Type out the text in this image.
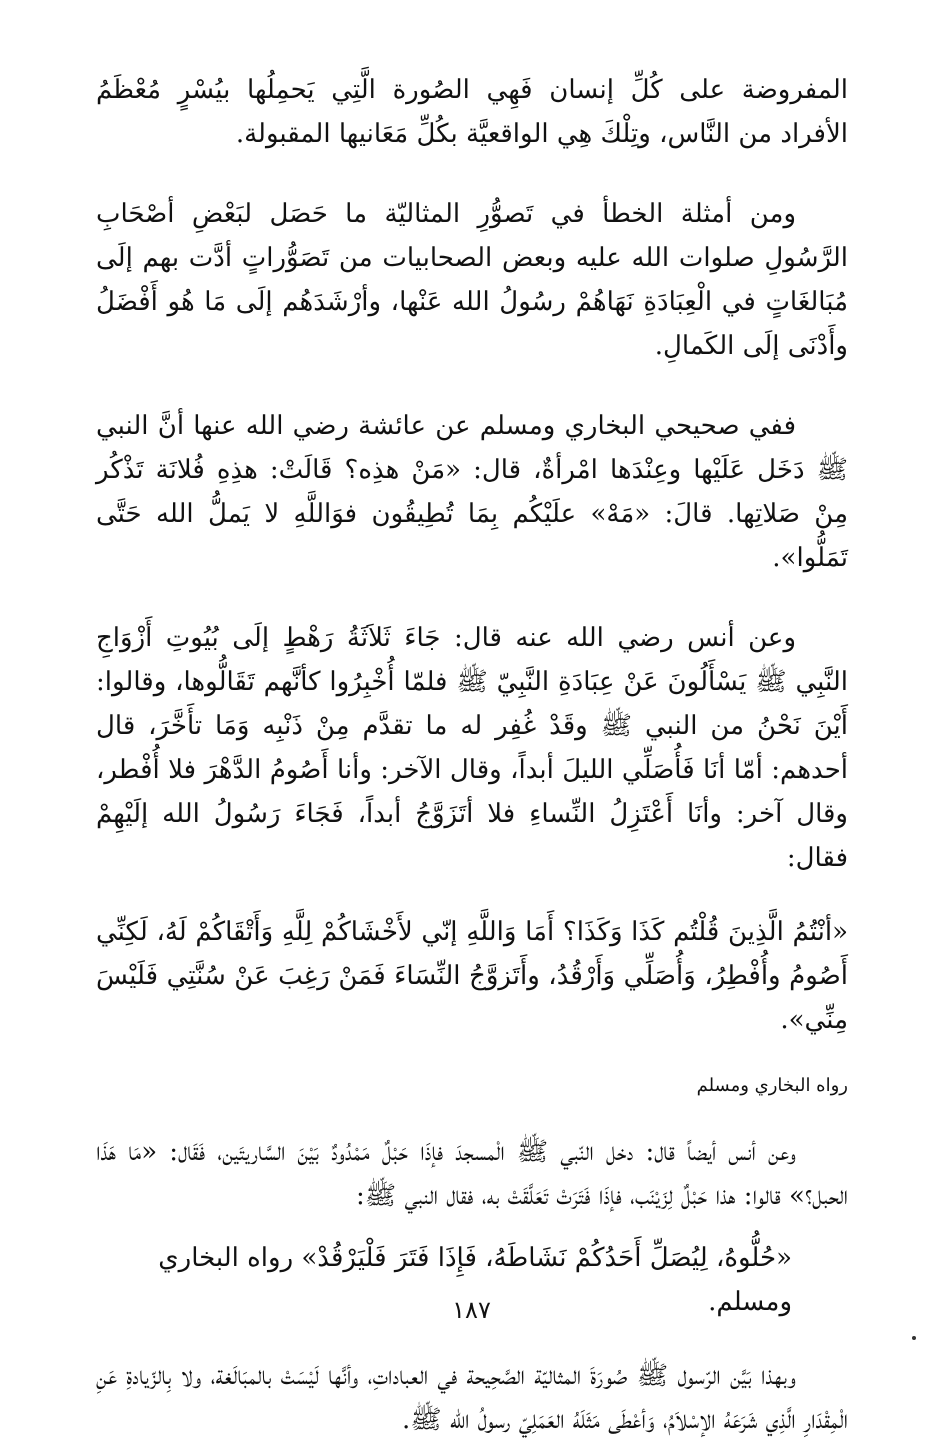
المفروضة على كُلِّ إنسان فَهِي الصُورة الَّتِي يَحمِلُها بيُسْرٍ مُعْظَمُ الأفراد من النَّاس، وتِلْكَ هِي الواقعيَّة بكُلِّ مَعَانيها المقبولة.

ومن أمثلة الخطأ في تَصوُّرِ المثاليّة ما حَصَل لبَعْضِ أصْحَابِ الرَّسُولِ صلوات الله عليه وبعض الصحابيات من تَصَوُّراتٍ أدَّت بهم إلَى مُبَالغَاتٍ في الْعِبَادَةِ نَهَاهُمْ رسُولُ الله عَنْها، وأرْشَدَهُم إلَى مَا هُو أَفْضَلُ وأَدْنَى إلَى الكَمالِ.

ففي صحيحي البخاري ومسلم عن عائشة رضي الله عنها أنَّ النبي ﷺ دَخَل عَلَيْها وعِنْدَها امْرأةٌ، قال: «مَنْ هذِه؟ قَالَتْ: هذِهِ فُلانَة تَذْكُر مِنْ صَلاتِها. قالَ: «مَهْ» علَيْكُم بِمَا تُطِيقُون فوَاللَّهِ لا يَملُّ الله حَتَّى تَمَلُّوا».

وعن أنس رضي الله عنه قال: جَاءَ ثَلاَثَةُ رَهْطٍ إلَى بُيُوتِ أَزْوَاجِ النَّبِي ﷺ يَسْأَلُونَ عَنْ عِبَادَةِ النَّبِيّ ﷺ فلمّا أُخْبِرُوا كأنَّهم تَقَالُّوها، وقالوا: أَيْنَ نَحْنُ من النبي ﷺ وقَدْ غُفِر له ما تقدَّم مِنْ ذَنْبِه وَمَا تأَخَّرَ، قال أحدهم: أمّا أنَا فَأُصَلِّي الليلَ أبداً، وقال الآخر: وأنا أَصُومُ الدَّهْرَ فلا أُفْطر، وقال آخر: وأنَا أَعْتَزِلُ النِّساءِ فلا أتَزَوَّجُ أبداً، فَجَاءَ رَسُولُ الله إلَيْهِمْ فقال:

«أنْتُمُ الَّذِينَ قُلْتُم كَذَا وَكَذَا؟ أَمَا وَاللَّهِ إنّي لأَخْشَاكُمْ لِلَّهِ وَأَتْقَاكُمْ لَهُ، لَكِنِّي أَصُومُ وأُفْطِرُ، وَأُصَلِّي وَأَرْقُدُ، وأَتَزوَّجُ النِّسَاءَ فَمَنْ رَغِبَ عَنْ سُنَّتِي فَلَيْسَ مِنِّي».

رواه البخاري ومسلم

وعن أنس أيضاً قال: دخل النّبي ﷺ الْمسجدَ فإذَا حَبْلٌ مَمْدُودٌ بَيْنَ السَّاريتَين، فَقَال: «مَا هَذَا الحبل؟» قالوا: هذا حَبْلٌ لِزَيْنَب، فإذَا فَتَرَتْ تَعَلَّقَتْ به، فقال النبي ﷺ:

«حُلُّوهُ، لِيُصَلِّ أَحَدُكُمْ نَشَاطَهُ، فَإِذَا فَتَرَ فَلْيَرْقُدْ» رواه البخاري ومسلم.

وبهذا بَيَّن الرّسول ﷺ صُورَةَ المثاليّة الصَّحِيحة في العباداتِ، وأنَّها لَيْسَتْ بالمبَالَغة، ولا بِالزّيادةِ عَنِ الْمِقْدَارِ الَّذِي شَرَعَهُ الإسْلاَمُ، وَأعْطَى مَثَلَهُ العَمَلِيّ رسولُ الله ﷺ.

١٨٧
